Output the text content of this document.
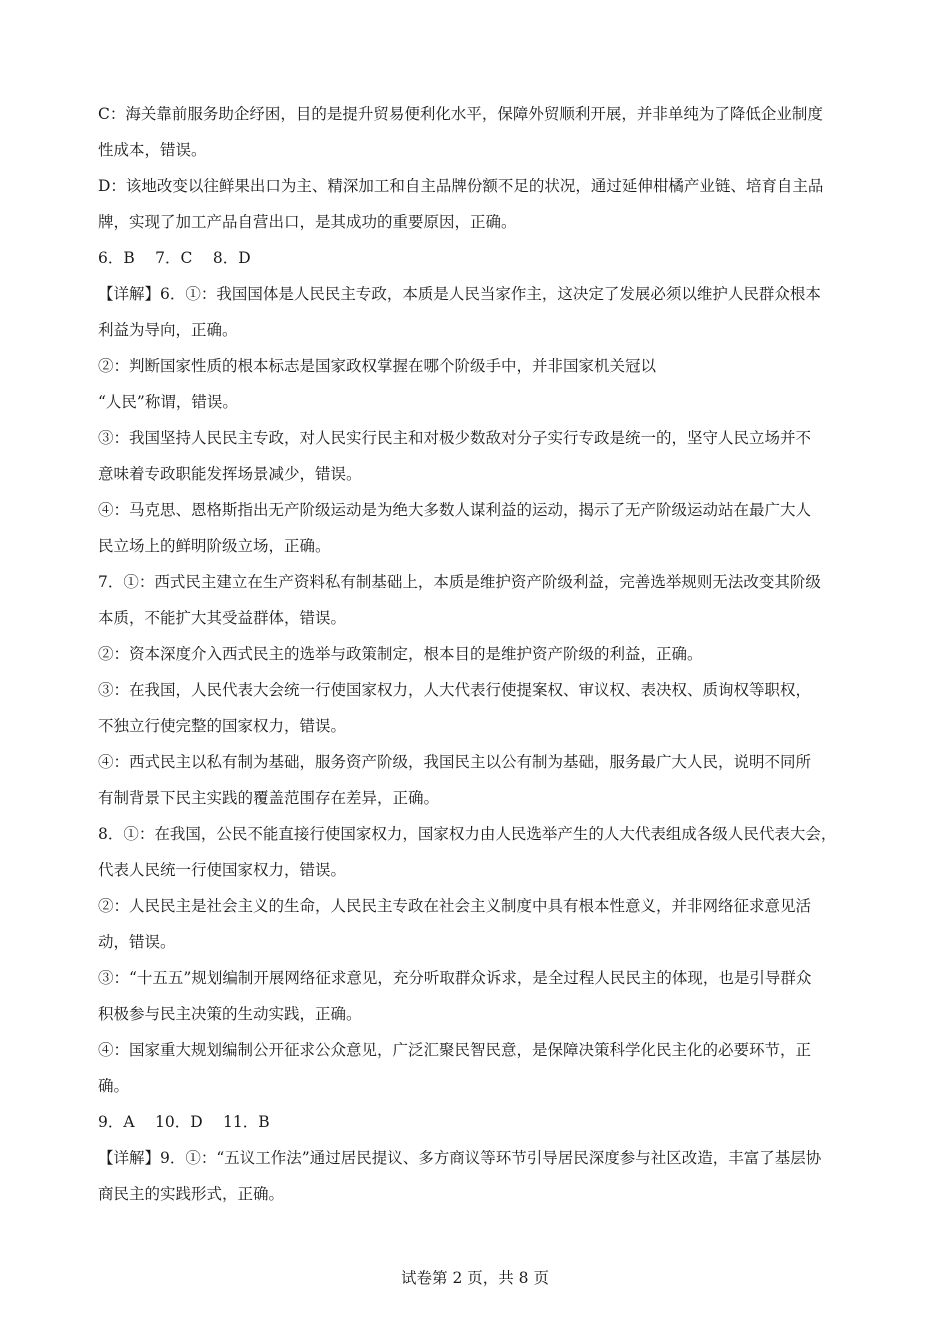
C：海关靠前服务助企纾困，目的是提升贸易便利化水平，保障外贸顺利开展，并非单纯为了降低企业制度
性成本，错误。
D：该地改变以往鲜果出口为主、精深加工和自主品牌份额不足的状况，通过延伸柑橘产业链、培育自主品
牌，实现了加工产品自营出口，是其成功的重要原因，正确。
6．B　 7．C　 8．D
【详解】6．①：我国国体是人民民主专政，本质是人民当家作主，这决定了发展必须以维护人民群众根本
利益为导向，正确。
②：判断国家性质的根本标志是国家政权掌握在哪个阶级手中，并非国家机关冠以
“人民”称谓，错误。
③：我国坚持人民民主专政，对人民实行民主和对极少数敌对分子实行专政是统一的，坚守人民立场并不
意味着专政职能发挥场景减少，错误。
④：马克思、恩格斯指出无产阶级运动是为绝大多数人谋利益的运动，揭示了无产阶级运动站在最广大人
民立场上的鲜明阶级立场，正确。
7．①：西式民主建立在生产资料私有制基础上，本质是维护资产阶级利益，完善选举规则无法改变其阶级
本质，不能扩大其受益群体，错误。
②：资本深度介入西式民主的选举与政策制定，根本目的是维护资产阶级的利益，正确。
③：在我国，人民代表大会统一行使国家权力，人大代表行使提案权、审议权、表决权、质询权等职权，
不独立行使完整的国家权力，错误。
④：西式民主以私有制为基础，服务资产阶级，我国民主以公有制为基础，服务最广大人民，说明不同所
有制背景下民主实践的覆盖范围存在差异，正确。
8．①：在我国，公民不能直接行使国家权力，国家权力由人民选举产生的人大代表组成各级人民代表大会，
代表人民统一行使国家权力，错误。
②：人民民主是社会主义的生命，人民民主专政在社会主义制度中具有根本性意义，并非网络征求意见活
动，错误。
③：“十五五”规划编制开展网络征求意见，充分听取群众诉求，是全过程人民民主的体现，也是引导群众
积极参与民主决策的生动实践，正确。
④：国家重大规划编制公开征求公众意见，广泛汇聚民智民意，是保障决策科学化民主化的必要环节，正
确。
9．A　 10．D　 11．B
【详解】9．①：“五议工作法”通过居民提议、多方商议等环节引导居民深度参与社区改造，丰富了基层协
商民主的实践形式，正确。
试卷第 2 页，共 8 页
